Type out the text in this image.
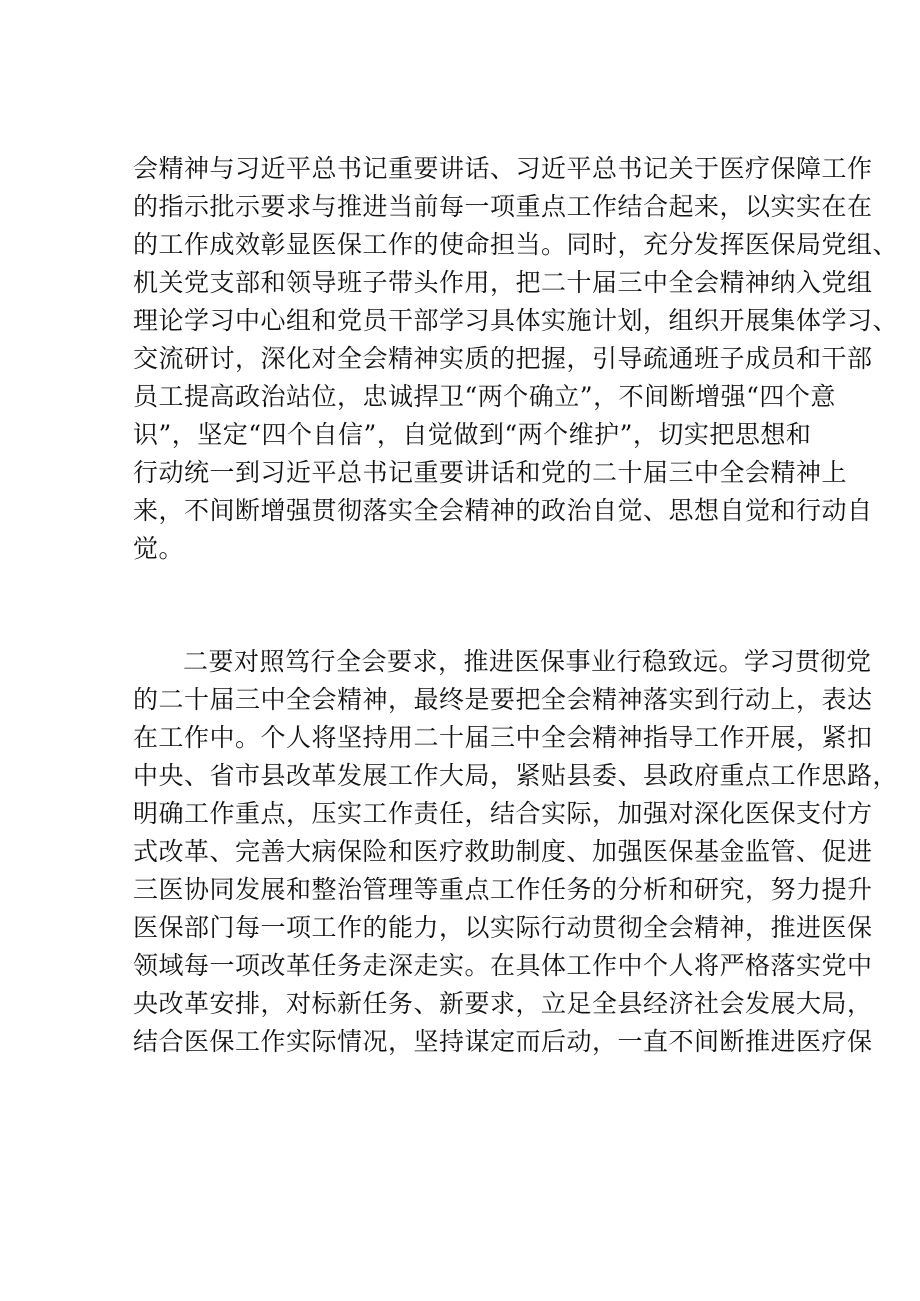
会精神与习近平总书记重要讲话、习近平总书记关于医疗保障工作
的指示批示要求与推进当前每一项重点工作结合起来，以实实在在
的工作成效彰显医保工作的使命担当。同时，充分发挥医保局党组、
机关党支部和领导班子带头作用，把二十届三中全会精神纳入党组
理论学习中心组和党员干部学习具体实施计划，组织开展集体学习、
交流研讨，深化对全会精神实质的把握，引导疏通班子成员和干部
员工提高政治站位，忠诚捍卫“两个确立”，不间断增强“四个意
识”，坚定“四个自信”，自觉做到“两个维护”，切实把思想和
行动统一到习近平总书记重要讲话和党的二十届三中全会精神上
来，不间断增强贯彻落实全会精神的政治自觉、思想自觉和行动自
觉。
二要对照笃行全会要求，推进医保事业行稳致远。学习贯彻党
的二十届三中全会精神，最终是要把全会精神落实到行动上，表达
在工作中。个人将坚持用二十届三中全会精神指导工作开展，紧扣
中央、省市县改革发展工作大局，紧贴县委、县政府重点工作思路，
明确工作重点，压实工作责任，结合实际，加强对深化医保支付方
式改革、完善大病保险和医疗救助制度、加强医保基金监管、促进
三医协同发展和整治管理等重点工作任务的分析和研究，努力提升
医保部门每一项工作的能力，以实际行动贯彻全会精神，推进医保
领域每一项改革任务走深走实。在具体工作中个人将严格落实党中
央改革安排，对标新任务、新要求，立足全县经济社会发展大局，
结合医保工作实际情况，坚持谋定而后动，一直不间断推进医疗保
